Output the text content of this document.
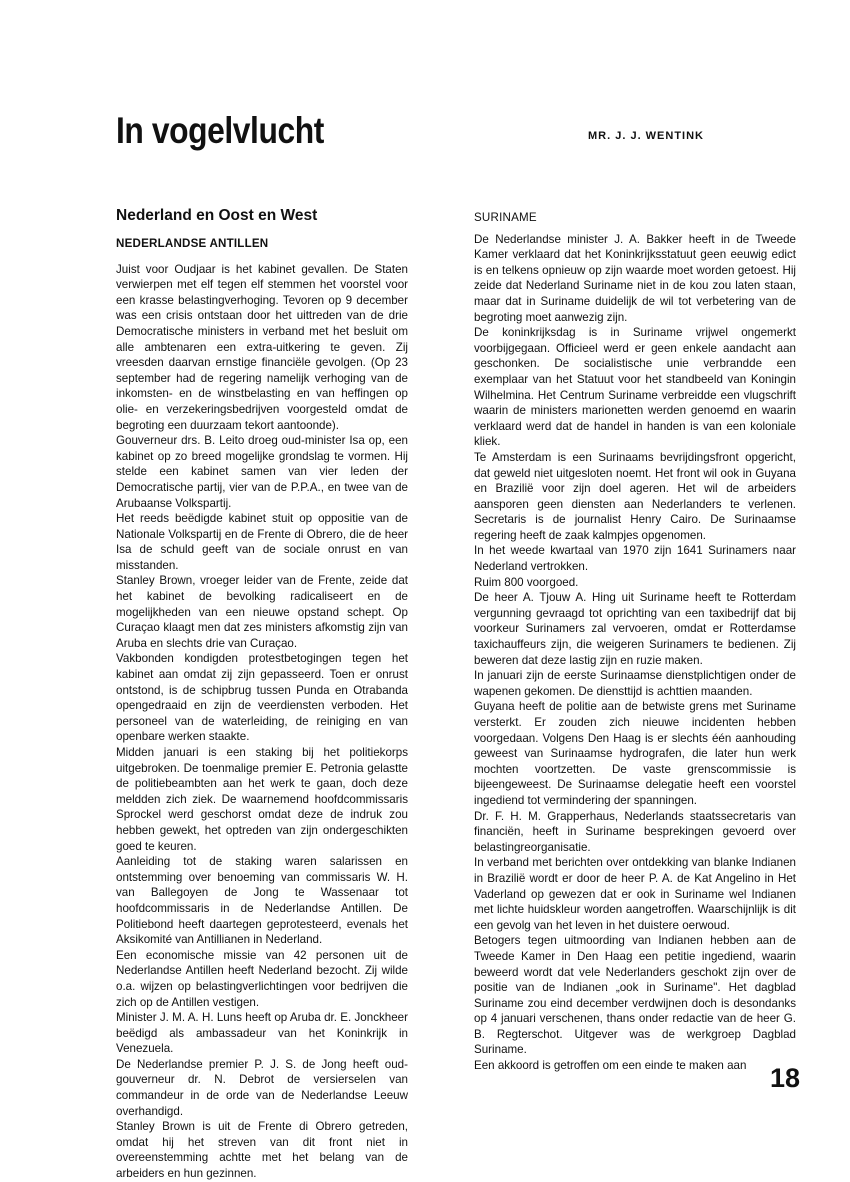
In vogelvlucht	MR. J. J. WENTINK
Nederland en Oost en West
NEDERLANDSE ANTILLEN

Juist voor Oudjaar is het kabinet gevallen. De Staten verwierpen met elf tegen elf stemmen het voorstel voor een krasse belastingverhoging. Tevoren op 9 december was een crisis ontstaan door het uittreden van de drie Democratische ministers in verband met het besluit om alle ambtenaren een extra-uitkering te geven. Zij vreesden daarvan ernstige financiële gevolgen. (Op 23 september had de regering namelijk verhoging van de inkomsten- en de winstbelasting en van heffingen op olie- en verzekeringsbedrijven voorgesteld omdat de begroting een duurzaam tekort aantoonde).

Gouverneur drs. B. Leito droeg oud-minister Isa op, een kabinet op zo breed mogelijke grondslag te vormen. Hij stelde een kabinet samen van vier leden der Democratische partij, vier van de P.P.A., en twee van de Arubaanse Volkspartij.

Het reeds beëdigde kabinet stuit op oppositie van de Nationale Volkspartij en de Frente di Obrero, die de heer Isa de schuld geeft van de sociale onrust en van misstanden.

Stanley Brown, vroeger leider van de Frente, zeide dat het kabinet de bevolking radicaliseert en de mogelijkheden van een nieuwe opstand schept. Op Curaçao klaagt men dat zes ministers afkomstig zijn van Aruba en slechts drie van Curaçao.

Vakbonden kondigden protestbetogingen tegen het kabinet aan omdat zij zijn gepasseerd. Toen er onrust ontstond, is de schipbrug tussen Punda en Otrabanda opengedraaid en zijn de veerdiensten verboden. Het personeel van de waterleiding, de reiniging en van openbare werken staakte.

Midden januari is een staking bij het politiekorps uitgebroken. De toenmalige premier E. Petronia gelastte de politiebeambten aan het werk te gaan, doch deze meldden zich ziek. De waarnemend hoofdcommissaris Sprockel werd geschorst omdat deze de indruk zou hebben gewekt, het optreden van zijn ondergeschikten goed te keuren.

Aanleiding tot de staking waren salarissen en ontstemming over benoeming van commissaris W. H. van Ballegoyen de Jong te Wassenaar tot hoofdcommissaris in de Nederlandse Antillen. De Politiebond heeft daartegen geprotesteerd, evenals het Aksikomité van Antillianen in Nederland.

Een economische missie van 42 personen uit de Nederlandse Antillen heeft Nederland bezocht. Zij wilde o.a. wijzen op belastingverlichtingen voor bedrijven die zich op de Antillen vestigen.

Minister J. M. A. H. Luns heeft op Aruba dr. E. Jonckheer beëdigd als ambassadeur van het Koninkrijk in Venezuela.

De Nederlandse premier P. J. S. de Jong heeft oud-gouverneur dr. N. Debrot de versierselen van commandeur in de orde van de Nederlandse Leeuw overhandigd.

Stanley Brown is uit de Frente di Obrero getreden, omdat hij het streven van dit front niet in overeenstemming achtte met het belang van de arbeiders en hun gezinnen.

SURINAME

De Nederlandse minister J. A. Bakker heeft in de Tweede Kamer verklaard dat het Koninkrijksstatuut geen eeuwig edict is en telkens opnieuw op zijn waarde moet worden getoest. Hij zeide dat Nederland Suriname niet in de kou zou laten staan, maar dat in Suriname duidelijk de wil tot verbetering van de begroting moet aanwezig zijn.

De koninkrijksdag is in Suriname vrijwel ongemerkt voorbijgegaan. Officieel werd er geen enkele aandacht aan geschonken. De socialistische unie verbrandde een exemplaar van het Statuut voor het standbeeld van Koningin Wilhelmina. Het Centrum Suriname verbreidde een vlugschrift waarin de ministers marionetten werden genoemd en waarin verklaard werd dat de handel in handen is van een koloniale kliek.

Te Amsterdam is een Surinaams bevrijdingsfront opgericht, dat geweld niet uitgesloten noemt. Het front wil ook in Guyana en Brazilië voor zijn doel ageren. Het wil de arbeiders aansporen geen diensten aan Nederlanders te verlenen. Secretaris is de journalist Henry Cairo. De Surinaamse regering heeft de zaak kalmpjes opgenomen.

In het weede kwartaal van 1970 zijn 1641 Surinamers naar Nederland vertrokken.

Ruim 800 voorgoed.

De heer A. Tjouw A. Hing uit Suriname heeft te Rotterdam vergunning gevraagd tot oprichting van een taxibedrijf dat bij voorkeur Surinamers zal vervoeren, omdat er Rotterdamse taxichauffeurs zijn, die weigeren Surinamers te bedienen. Zij beweren dat deze lastig zijn en ruzie maken.

In januari zijn de eerste Surinaamse dienstplichtigen onder de wapenen gekomen. De diensttijd is achttien maanden.

Guyana heeft de politie aan de betwiste grens met Suriname versterkt. Er zouden zich nieuwe incidenten hebben voorgedaan. Volgens Den Haag is er slechts één aanhouding geweest van Surinaamse hydrografen, die later hun werk mochten voortzetten. De vaste grenscommissie is bijeengeweest. De Surinaamse delegatie heeft een voorstel ingediend tot vermindering der spanningen.

Dr. F. H. M. Grapperhaus, Nederlands staatssecretaris van financiën, heeft in Suriname besprekingen gevoerd over belastingreorganisatie.

In verband met berichten over ontdekking van blanke Indianen in Brazilië wordt er door de heer P. A. de Kat Angelino in Het Vaderland op gewezen dat er ook in Suriname wel Indianen met lichte huidskleur worden aangetroffen. Waarschijnlijk is dit een gevolg van het leven in het duistere oerwoud.

Betogers tegen uitmoording van Indianen hebben aan de Tweede Kamer in Den Haag een petitie ingediend, waarin beweerd wordt dat vele Nederlanders geschokt zijn over de positie van de Indianen „ook in Suriname". Het dagblad Suriname zou eind december verdwijnen doch is desondanks op 4 januari verschenen, thans onder redactie van de heer G. B. Regterschot. Uitgever was de werkgroep Dagblad Suriname.

Een akkoord is getroffen om een einde te maken aan 18
